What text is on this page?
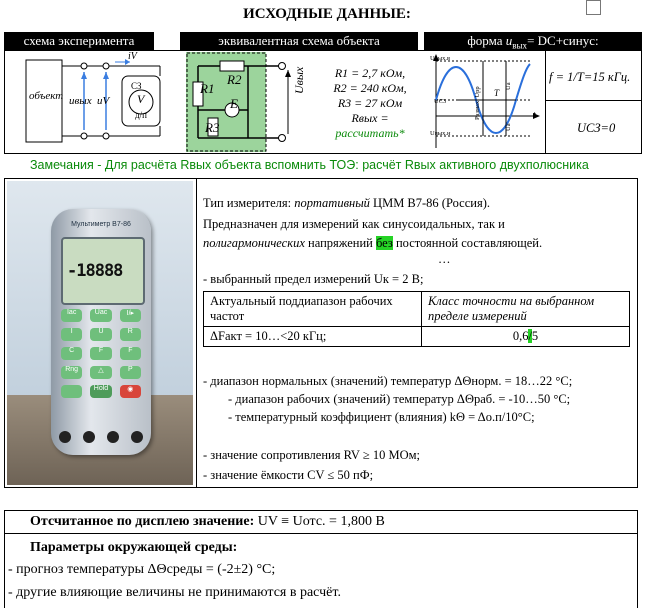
ИСХОДНЫЕ ДАННЫЕ:
схема эксперимента	эквивалентная схема объекта	форма $u_{вых}=$ DC+синус:
объект uвых uV
iV
СЗ
V
д/п
R1
R2
R3
E
Uвых	R1 = 2,7 кОм,
R2 = 240 кОм,
R3 = 27 кОм
Rвых =
рассчитать*
Uвых.в
UС3
Uвых.н
t
T
Размах, Uрр
Uа
Uа
f = 1/T=15 кГц.
UСЗ=0
Замечания - Для расчёта Rвых объекта вспомнить ТОЭ: расчёт Rвых активного двухполюсника
Мультиметр В7-86
-18888
Iac	Uac	I/▸
I	U	R
C	F	F
Rng	△	P
Hold	◉
Тип измерителя: портативный ЦММ В7-86 (Россия).
Предназначен для измерений как синусоидальных, так и
полигармонических напряжений без постоянной составляющей.
…
- выбранный предел измерений Uк = 2 В;
Актуальный поддиапазон рабочих частот	Класс точности на выбранном пределе измерений
ΔFакт = 10…<20 кГц;	0,6/5
- диапазон нормальных (значений) температур ΔΘнорм. = 18…22 °С;
- диапазон рабочих (значений) температур ΔΘраб. = -10…50 °С;
- температурный коэффициент (влияния) kΘ = Δо.п/10°С;
- значение сопротивления RV ≥ 10 МОм;
- значение ёмкости CV ≤ 50 пФ;
Отсчитанное по дисплею значение: UV ≡ Uотс. = 1,800 В
Параметры окружающей среды:
- прогноз температуры ΔΘсреды = (-2±2) °С;
- другие влияющие величины не принимаются в расчёт.
